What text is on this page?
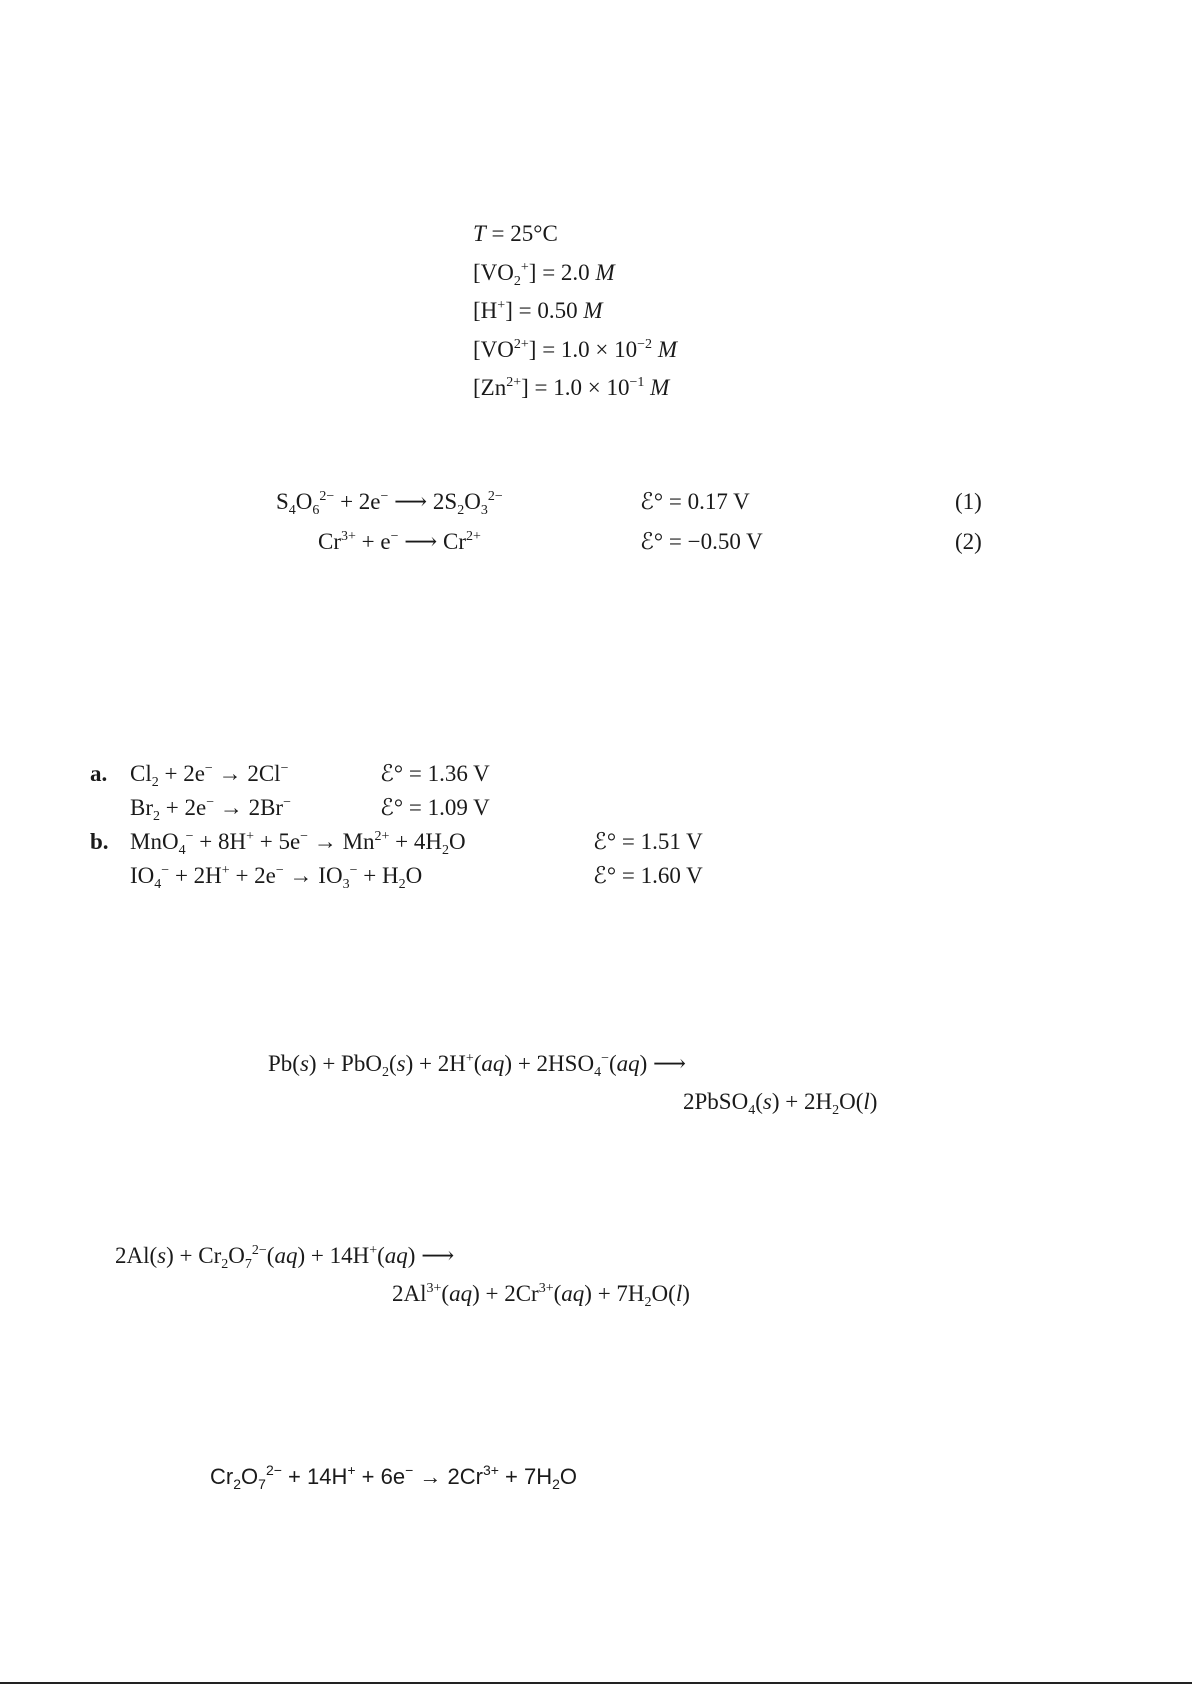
T = 25°C
$[VO_2^+] = 2.0$ M
[H+] = 0.50 M
$[VO^{2+}] = 1.0 \times 10^{-2}$ M
$[Zn^{2+}] = 1.0 \times 10^{-1}$ M
$S_4O_6^{2-} + 2e^-$ ⟶ $2S_2O_3^{2-}$	ℰ° = 0.17 V	(1)
$Cr^{3+} + e^-$ ⟶ $Cr^{2+}$	ℰ° = −0.50 V	(2)
a. $Cl_2 + 2e^- \to 2Cl^-$	ℰ° = 1.36 V
$Br_2 + 2e^- \to 2Br^-$	ℰ° = 1.09 V
b. $MnO_4^- + 8H^+ + 5e^- \to Mn^{2+} + 4H_2O$	ℰ° = 1.51 V
$IO_4^- + 2H^+ + 2e^- \to IO_3^- + H_2O$	ℰ° = 1.60 V
$Pb(s) + PbO_2(s) + 2H^+(aq) + 2HSO_4^-(aq)$ ⟶
2PbSO$_4$(s) + $2H_2O(l)$
$2Al(s) + Cr_2O_7^{2-}(aq) + 14H^+(aq)$ ⟶
$2Al^{3+}(aq) + 2Cr^{3+}(aq) + 7H_2O(l)$
$Cr_2O_7^{2-} + 14H^+ + 6e^- \to 2Cr^{3+} + 7H_2O$
